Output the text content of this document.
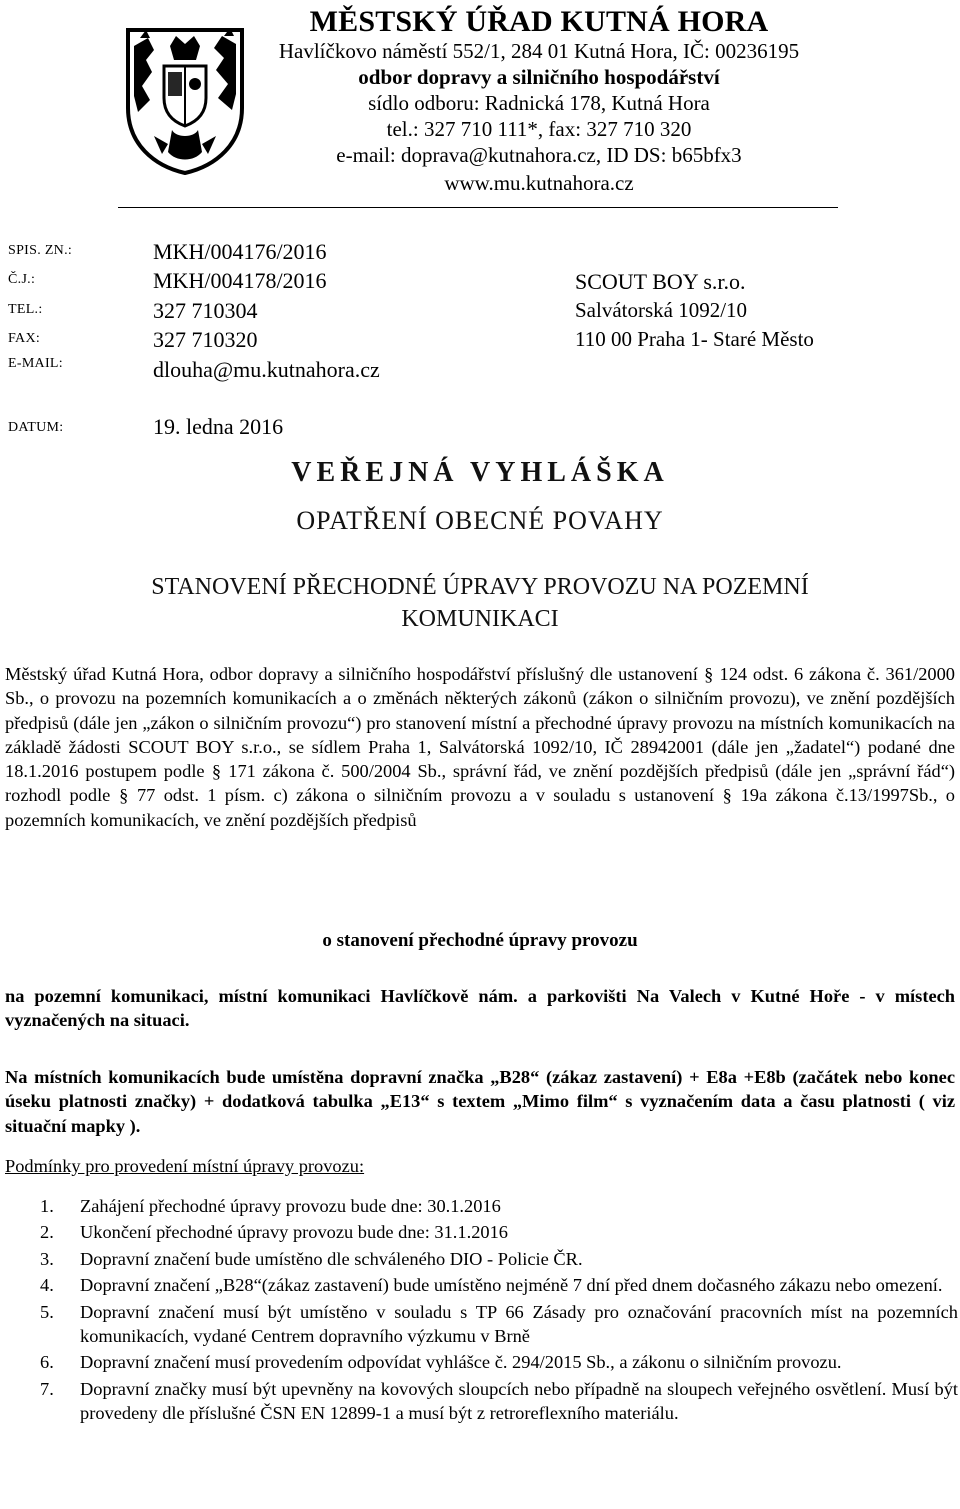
MĚSTSKÝ ÚŘAD KUTNÁ HORA
Havlíčkovo náměstí 552/1, 284 01 Kutná Hora, IČ: 00236195
odbor dopravy a silničního hospodářství
sídlo odboru: Radnická 178, Kutná Hora
tel.: 327 710 111*, fax: 327 710 320
e-mail: doprava@kutnahora.cz, ID DS: b65bfx3
www.mu.kutnahora.cz
SPIS. ZN.:	MKH/004176/2016
Č.J.:	MKH/004178/2016
TEL.:	327 710304
FAX:	327 710320
E-MAIL:	dlouha@mu.kutnahora.cz
DATUM:	19. ledna 2016
SCOUT BOY s.r.o.
Salvátorská 1092/10
110 00 Praha 1- Staré Město
VEŘEJNÁ VYHLÁŠKA
OPATŘENÍ OBECNÉ POVAHY
STANOVENÍ PŘECHODNÉ ÚPRAVY PROVOZU NA POZEMNÍ
KOMUNIKACI
Městský úřad Kutná Hora, odbor dopravy a silničního hospodářství příslušný dle ustanovení § 124 odst. 6 zákona č. 361/2000 Sb., o provozu na pozemních komunikacích a o změnách některých zákonů (zákon o silničním provozu), ve znění pozdějších předpisů (dále jen „zákon o silničním provozu“) pro stanovení místní a přechodné úpravy provozu na místních komunikacích na základě žádosti SCOUT BOY s.r.o., se sídlem Praha 1, Salvátorská 1092/10, IČ 28942001 (dále jen „žadatel“) podané dne 18.1.2016 postupem podle § 171 zákona č. 500/2004 Sb., správní řád, ve znění pozdějších předpisů (dále jen „správní řád“) rozhodl podle § 77 odst. 1 písm. c) zákona o silničním provozu a v souladu s ustanovení § 19a zákona č.13/1997Sb., o pozemních komunikacích, ve znění pozdějších předpisů
o stanovení přechodné úpravy provozu
na pozemní komunikaci, místní komunikaci Havlíčkově nám. a parkovišti Na Valech v Kutné Hoře - v místech vyznačených na situaci.
Na místních komunikacích bude umístěna dopravní značka „B28“ (zákaz zastavení) + E8a +E8b (začátek nebo konec úseku platnosti značky) + dodatková tabulka „E13“ s textem „Mimo film“ s vyznačením data a času platnosti ( viz situační mapky ).
Podmínky pro provedení místní úpravy provozu:
1. Zahájení přechodné úpravy provozu bude dne: 30.1.2016
2. Ukončení přechodné úpravy provozu bude dne: 31.1.2016
3. Dopravní značení bude umístěno dle schváleného DIO - Policie ČR.
4. Dopravní značení „B28“(zákaz zastavení) bude umístěno nejméně 7 dní před dnem dočasného zákazu nebo omezení.
5. Dopravní značení musí být umístěno v souladu s TP 66 Zásady pro označování pracovních míst na pozemních komunikacích, vydané Centrem dopravního výzkumu v Brně
6. Dopravní značení musí provedením odpovídat vyhlášce č. 294/2015 Sb., a zákonu o silničním provozu.
7. Dopravní značky musí být upevněny na kovových sloupcích nebo případně na sloupech veřejného osvětlení. Musí být provedeny dle příslušné ČSN EN 12899-1 a musí být z retroreflexního materiálu.
